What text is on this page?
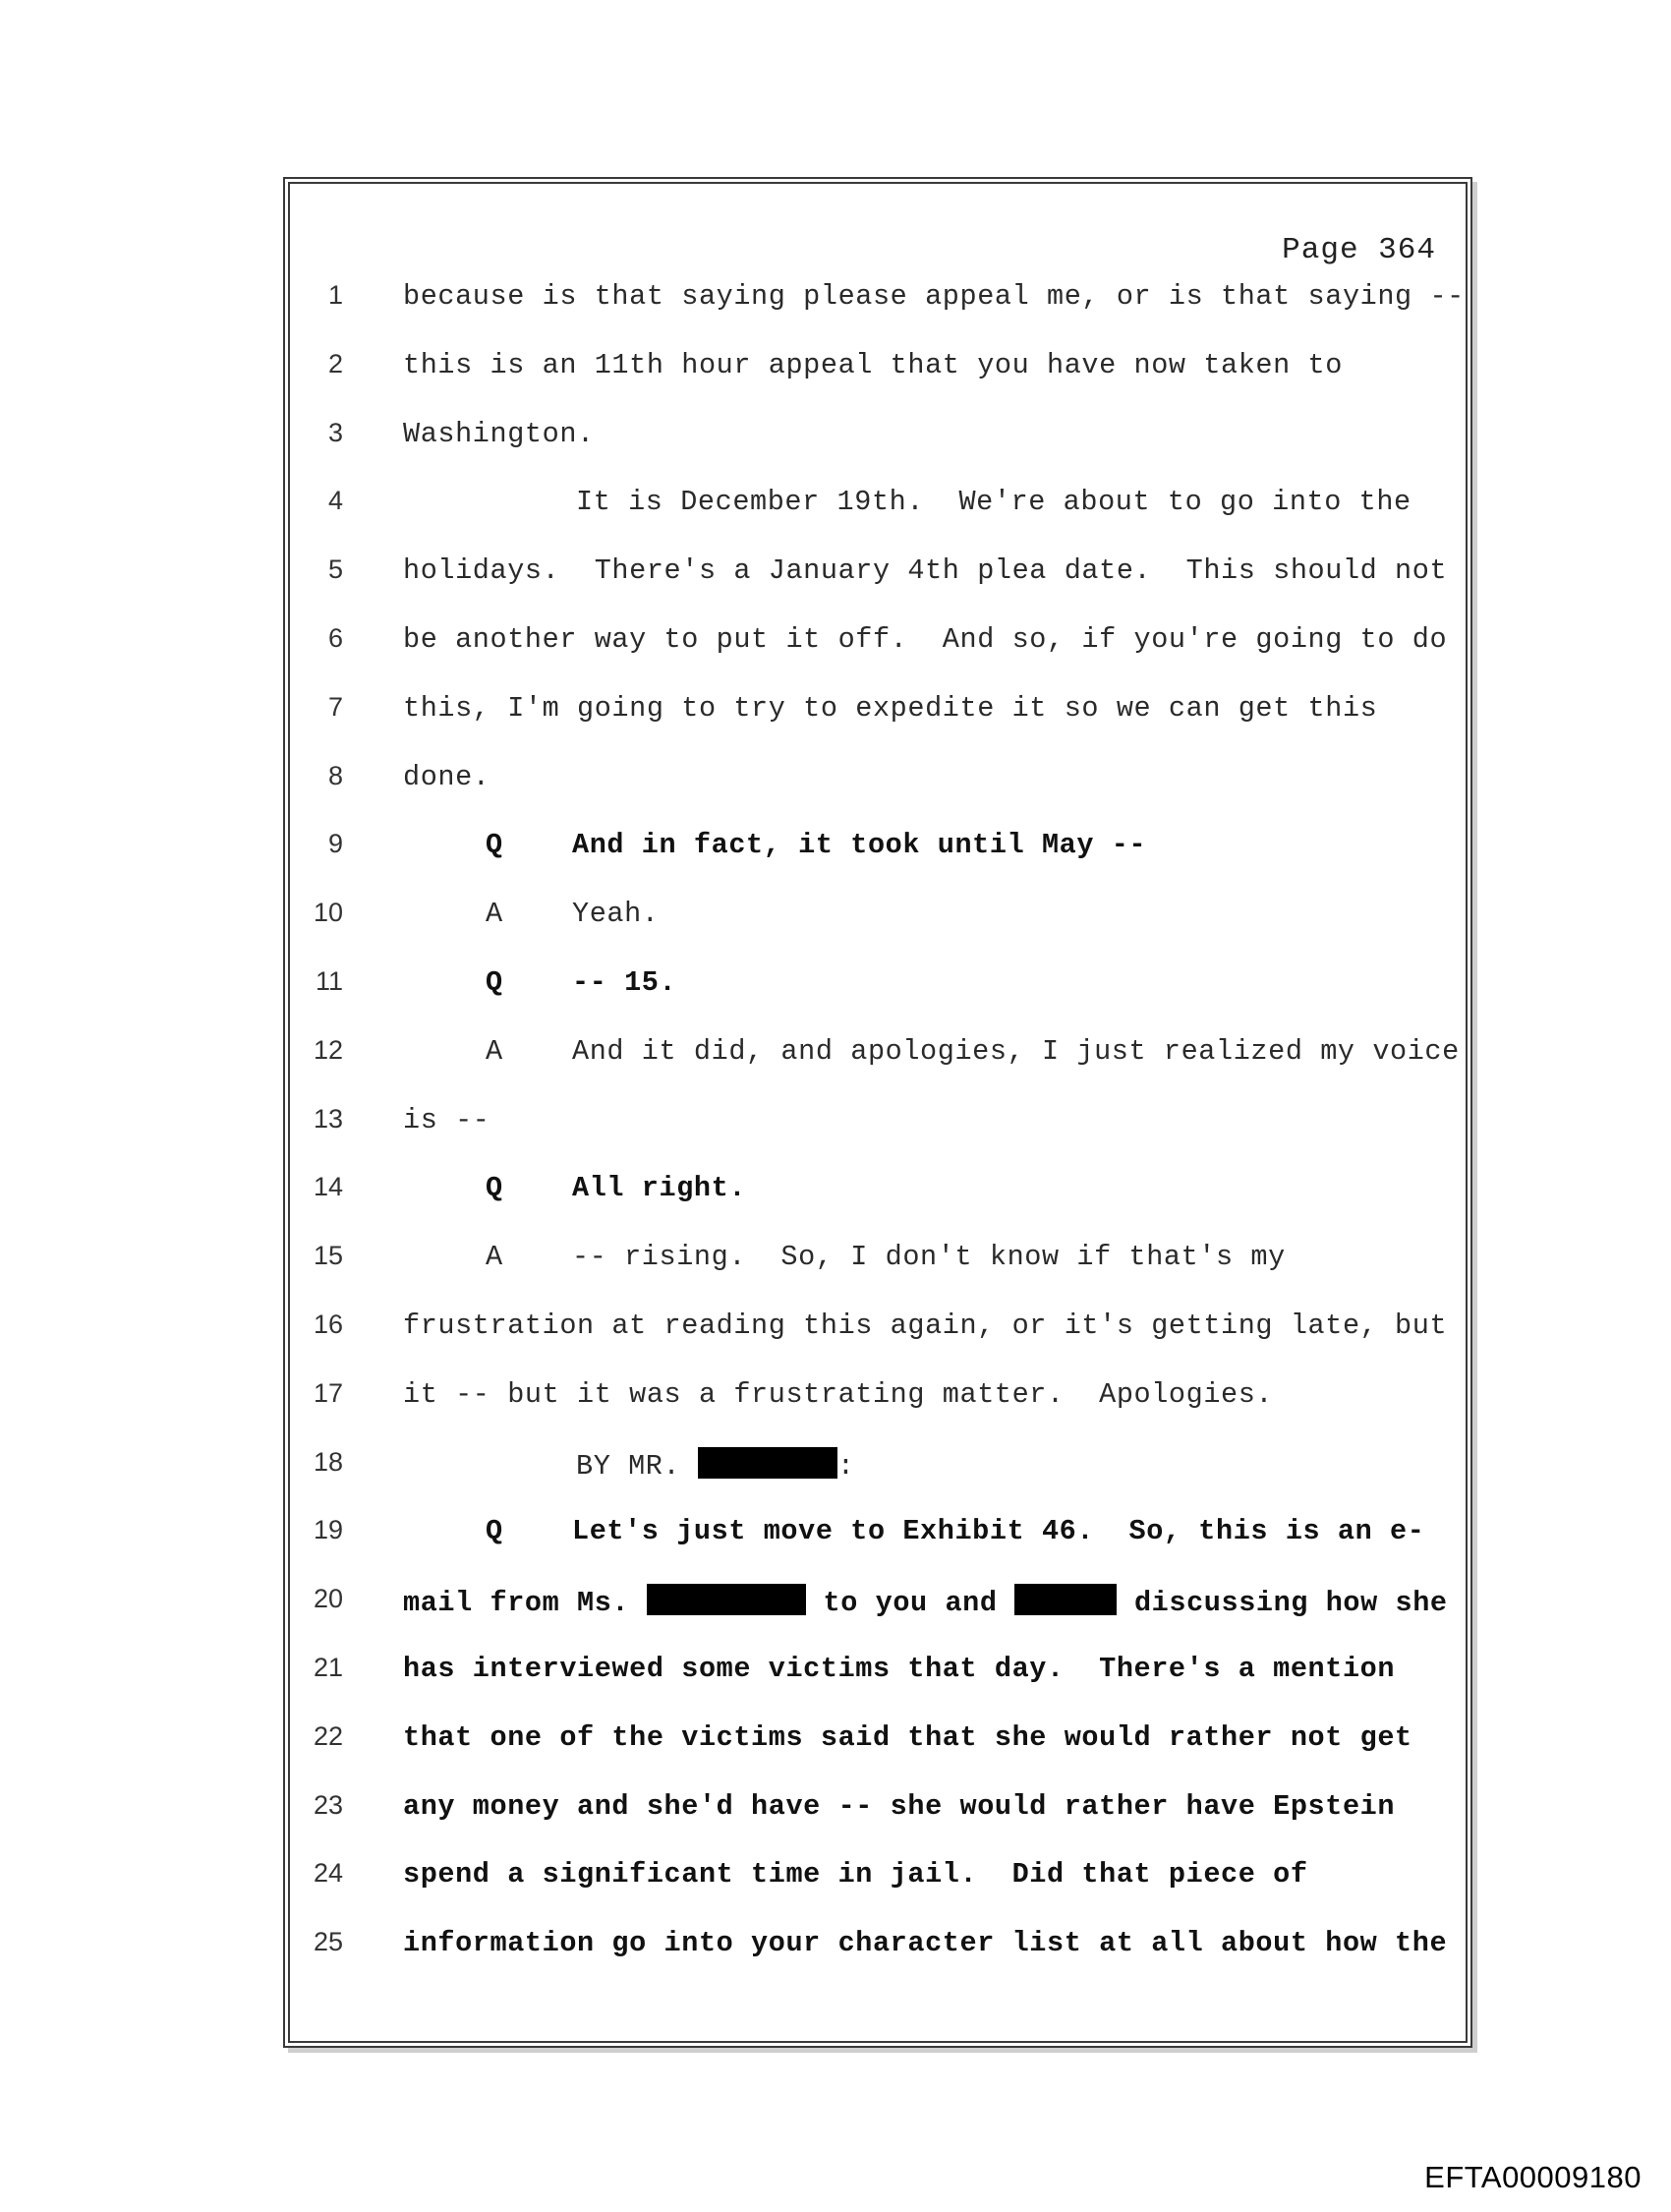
Page 364

1

because is that saying please appeal me, or is that saying --

2

this is an 11th hour appeal that you have now taken to

3

Washington.

4

	It is December 19th.  We're about to go into the

5

holidays.  There's a January 4th plea date.  This should not

6

be another way to put it off.  And so, if you're going to do

7

this, I'm going to try to expedite it so we can get this

8

done.

9

	Q And in fact, it took until May --

10

	A Yeah.

11

	Q -- 15.

12

	A And it did, and apologies, I just realized my voice

13

is --

14

	Q All right.

15

	A -- rising.  So, I don't know if that's my

16

frustration at reading this again, or it's getting late, but

17

it -- but it was a frustrating matter.  Apologies.

18

	BY MR.	:

19

	Q Let's just move to Exhibit 46.  So, this is an e-

20

mail from Ms.	to you and	discussing how she

21

has interviewed some victims that day.  There's a mention

22

that one of the victims said that she would rather not get

23

any money and she'd have -- she would rather have Epstein

24

spend a significant time in jail.  Did that piece of

25

information go into your character list at all about how the

EFTA00009180
